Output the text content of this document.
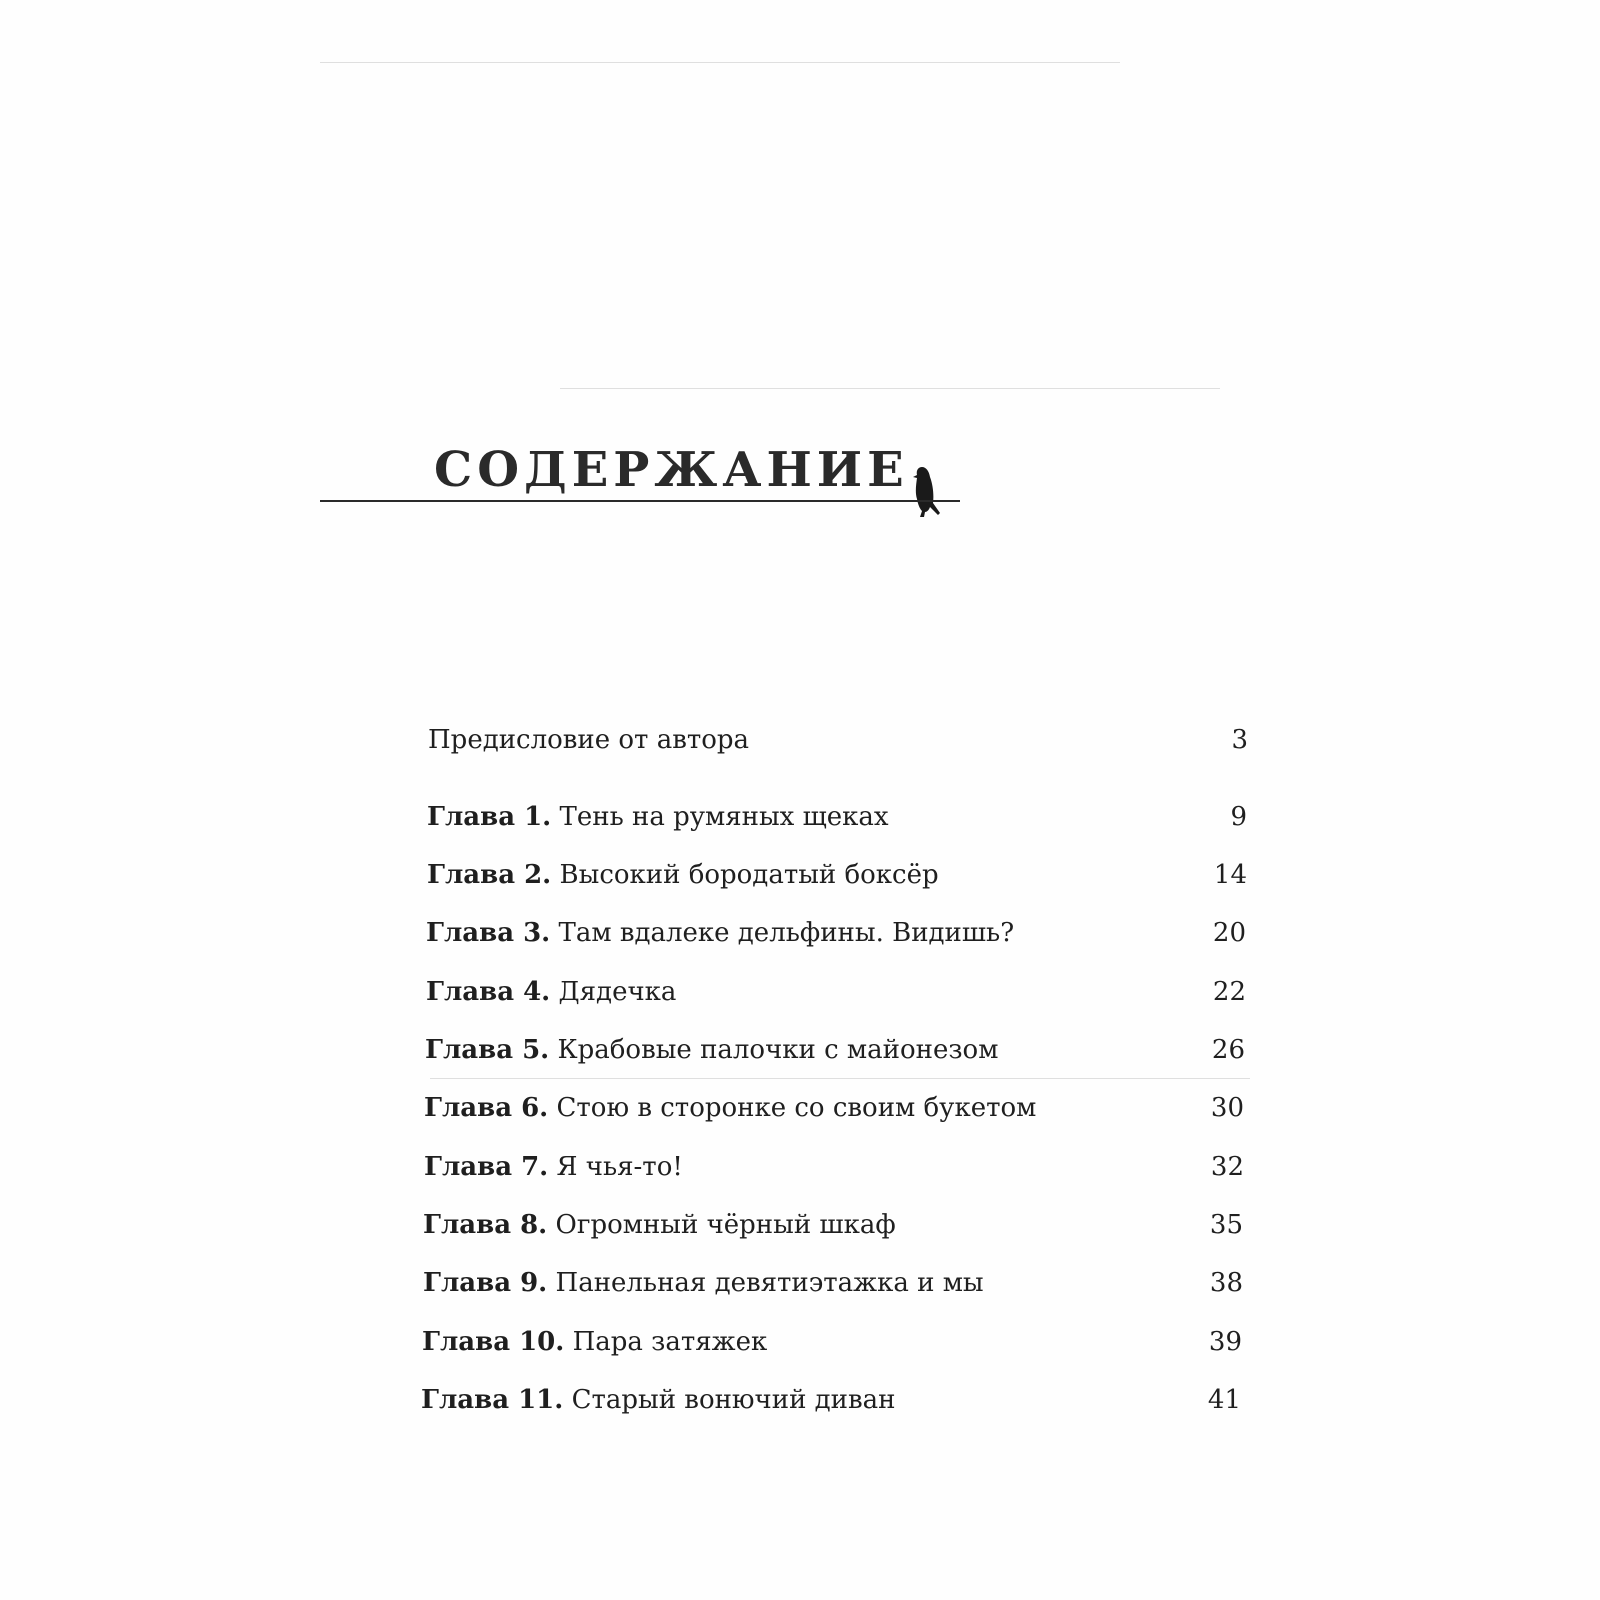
СОДЕРЖАНИЕ
Предисловие от автора	3
Глава 1. Тень на румяных щеках	9
Глава 2. Высокий бородатый боксёр	14
Глава 3. Там вдалеке дельфины. Видишь?	20
Глава 4. Дядечка	22
Глава 5. Крабовые палочки с майонезом	26
Глава 6. Стою в сторонке со своим букетом	30
Глава 7. Я чья-то!	32
Глава 8. Огромный чёрный шкаф	35
Глава 9. Панельная девятиэтажка и мы	38
Глава 10. Пара затяжек	39
Глава 11. Старый вонючий диван	41
